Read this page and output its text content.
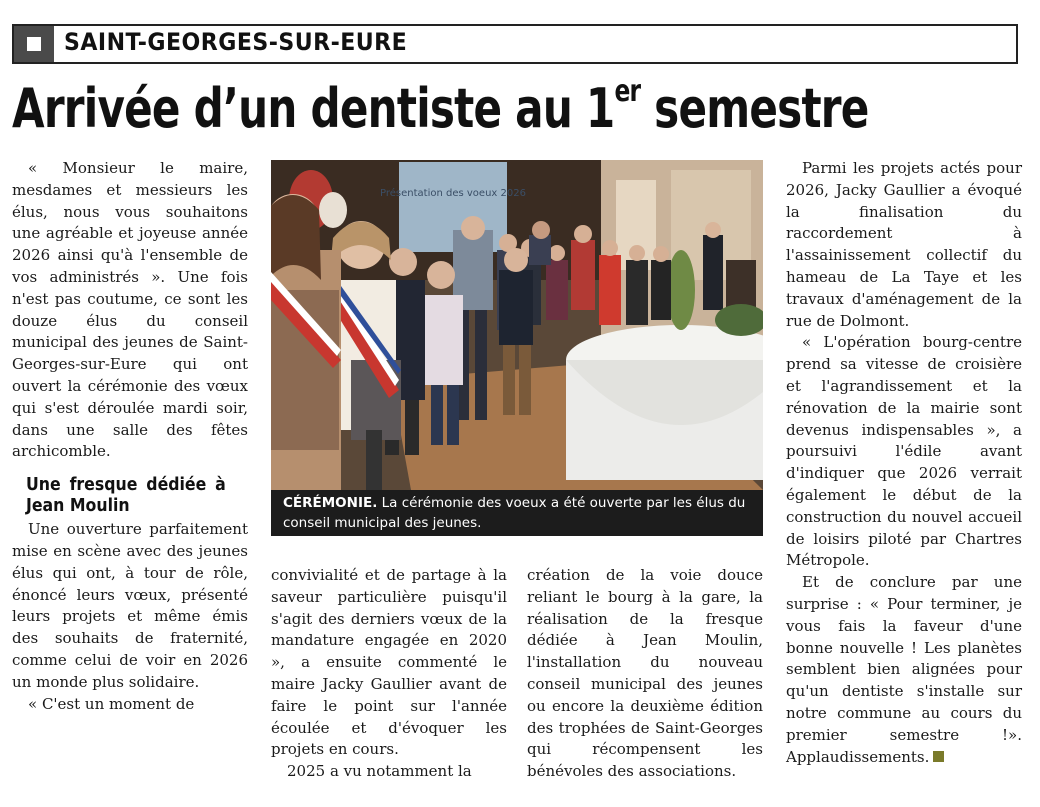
SAINT-GEORGES-SUR-EURE
Arrivée d’un dentiste au 1er semestre

« Monsieur le maire, mesdames et messieurs les élus, nous vous souhaitons une agréable et joyeuse année 2026 ainsi qu'à l'ensemble de vos administrés ». Une fois n'est pas coutume, ce sont les douze élus du conseil municipal des jeunes de Saint-Georges-sur-Eure qui ont ouvert la cérémonie des vœux qui s'est déroulée mardi soir, dans une salle des fêtes archicomble.

Une fresque dédiée à Jean Moulin

Une ouverture parfaitement mise en scène avec des jeunes élus qui ont, à tour de rôle, énoncé leurs vœux, présenté leurs projets et même émis des souhaits de fraternité, comme celui de voir en 2026 un monde plus solidaire.

« C'est un moment de

Présentation des voeux 2026
CÉRÉMONIE. La cérémonie des voeux a été ouverte par les élus du conseil municipal des jeunes.

convivialité et de partage à la saveur particulière puisqu'il s'agit des derniers vœux de la mandature engagée en 2020 », a ensuite commenté le maire Jacky Gaullier avant de faire le point sur l'année écoulée et d'évoquer les projets en cours.

2025 a vu notamment la

création de la voie douce reliant le bourg à la gare, la réalisation de la fresque dédiée à Jean Moulin, l'installation du nouveau conseil municipal des jeunes ou encore la deuxième édition des trophées de Saint-Georges qui récompensent les bénévoles des associations.

Parmi les projets actés pour 2026, Jacky Gaullier a évoqué la finalisation du raccordement à l'assainissement collectif du hameau de La Taye et les travaux d'aménagement de la rue de Dolmont.

« L'opération bourg-centre prend sa vitesse de croisière et l'agrandissement et la rénovation de la mairie sont devenus indispensables », a poursuivi l'édile avant d'indiquer que 2026 verrait également le début de la construction du nouvel accueil de loisirs piloté par Chartres Métropole.

Et de conclure par une surprise : « Pour terminer, je vous fais la faveur d'une bonne nouvelle ! Les planètes semblent bien alignées pour qu'un dentiste s'installe sur notre commune au cours du premier semestre !». Applaudissements.
